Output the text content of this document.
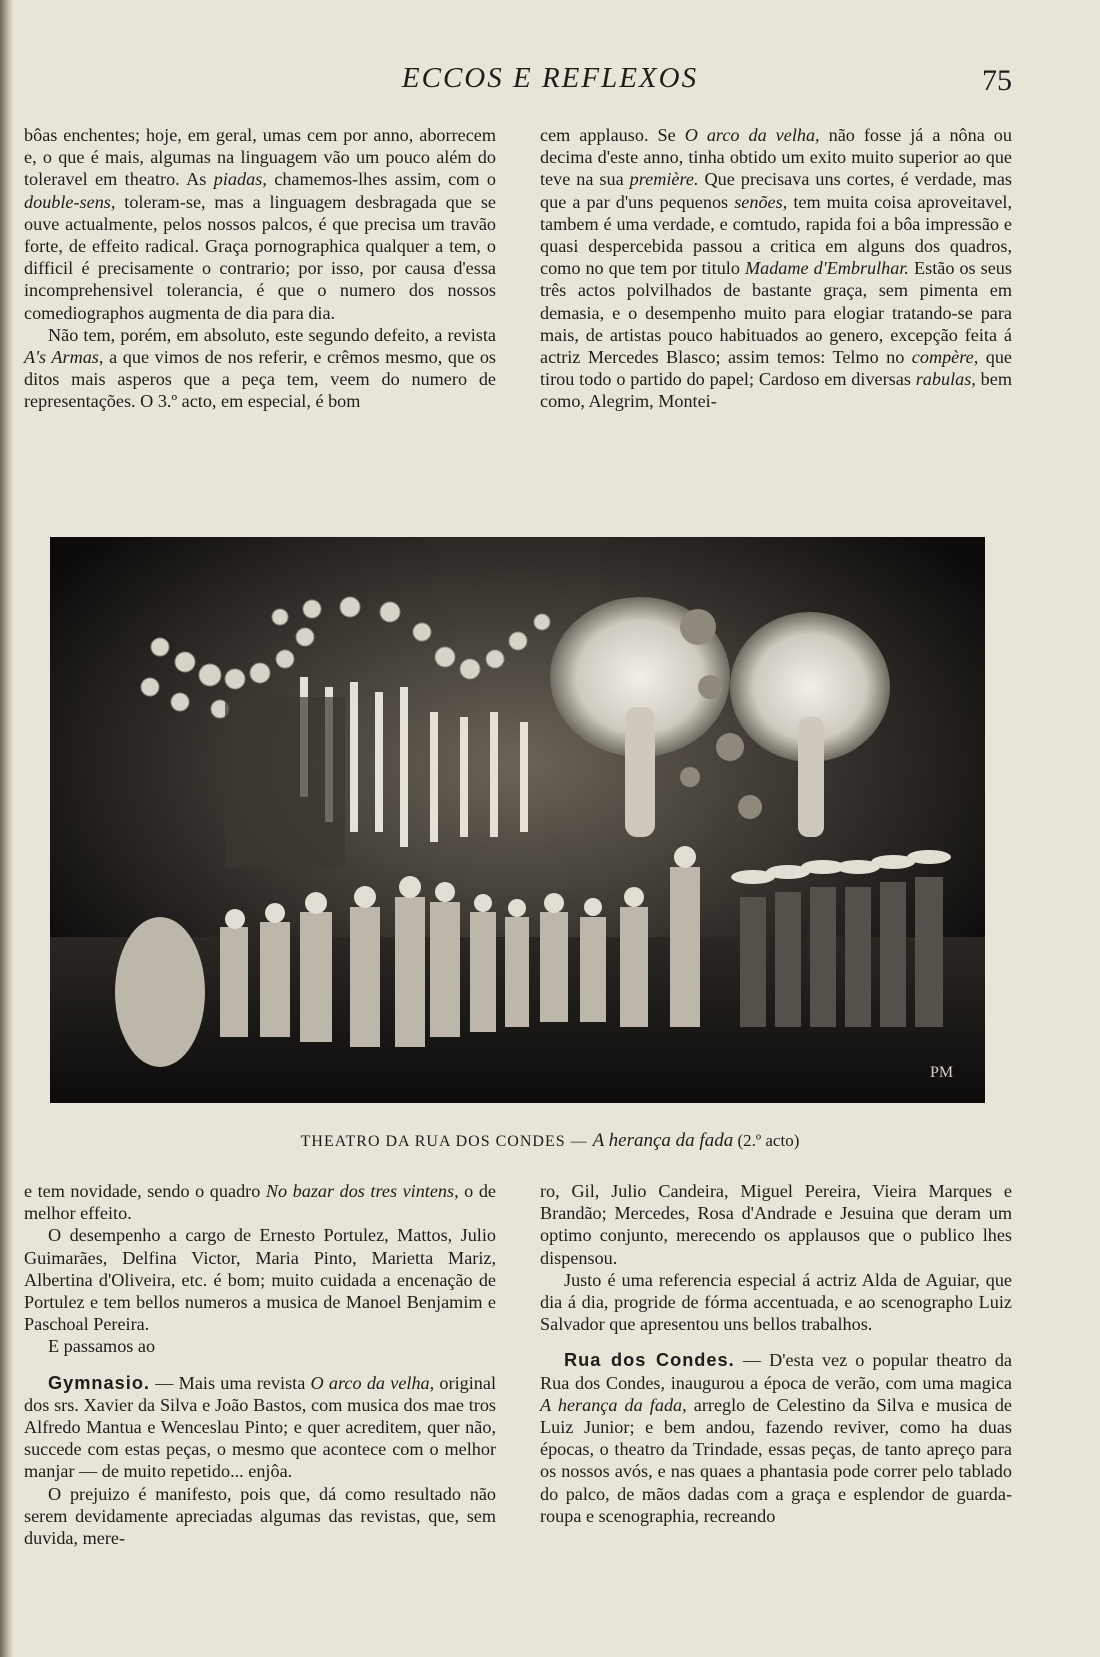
ECCOS E REFLEXOS	75

bôas enchentes; hoje, em geral, umas cem por anno, aborrecem e, o que é mais, algumas na linguagem vão um pouco além do toleravel em theatro. As piadas, chamemos-lhes assim, com o double-sens, toleram-se, mas a linguagem desbragada que se ouve actualmente, pelos nossos palcos, é que precisa um travão forte, de effeito radical. Graça pornographica qualquer a tem, o difficil é precisamente o contrario; por isso, por causa d'essa incomprehensivel tolerancia, é que o numero dos nossos comediographos augmenta de dia para dia.

Não tem, porém, em absoluto, este segundo defeito, a revista A's Armas, a que vimos de nos referir, e crêmos mesmo, que os ditos mais asperos que a peça tem, veem do numero de representações. O 3.º acto, em especial, é bom

cem applauso. Se O arco da velha, não fosse já a nôna ou decima d'este anno, tinha obtido um exito muito superior ao que teve na sua première. Que precisava uns cortes, é verdade, mas que a par d'uns pequenos senões, tem muita coisa aproveitavel, tambem é uma verdade, e comtudo, rapida foi a bôa impressão e quasi despercebida passou a critica em alguns dos quadros, como no que tem por titulo Madame d'Embrulhar. Estão os seus três actos polvilhados de bastante graça, sem pimenta em demasia, e o desempenho muito para elogiar tratando-se para mais, de artistas pouco habituados ao genero, excepção feita á actriz Mercedes Blasco; assim temos: Telmo no compère, que tirou todo o partido do papel; Cardoso em diversas rabulas, bem como, Alegrim, Montei-

PM
THEATRO DA RUA DOS CONDES — A herança da fada (2.º acto)

e tem novidade, sendo o quadro No bazar dos tres vintens, o de melhor effeito.

O desempenho a cargo de Ernesto Portulez, Mattos, Julio Guimarães, Delfina Victor, Maria Pinto, Marietta Mariz, Albertina d'Oliveira, etc. é bom; muito cuidada a encenação de Portulez e tem bellos numeros a musica de Manoel Benjamim e Paschoal Pereira.

E passamos ao

Gymnasio. — Mais uma revista O arco da velha, original dos srs. Xavier da Silva e João Bastos, com musica dos mae tros Alfredo Mantua e Wenceslau Pinto; e quer acreditem, quer não, succede com estas peças, o mesmo que acontece com o melhor manjar — de muito repetido... enjôa.

O prejuizo é manifesto, pois que, dá como resultado não serem devidamente apreciadas algumas das revistas, que, sem duvida, mere-

ro, Gil, Julio Candeira, Miguel Pereira, Vieira Marques e Brandão; Mercedes, Rosa d'Andrade e Jesuina que deram um optimo conjunto, merecendo os applausos que o publico lhes dispensou.

Justo é uma referencia especial á actriz Alda de Aguiar, que dia á dia, progride de fórma accentuada, e ao scenographo Luiz Salvador que apresentou uns bellos trabalhos.

Rua dos Condes. — D'esta vez o popular theatro da Rua dos Condes, inaugurou a época de verão, com uma magica A herança da fada, arreglo de Celestino da Silva e musica de Luiz Junior; e bem andou, fazendo reviver, como ha duas épocas, o theatro da Trindade, essas peças, de tanto apreço para os nossos avós, e nas quaes a phantasia pode correr pelo tablado do palco, de mãos dadas com a graça e esplendor de guarda-roupa e scenographia, recreando
